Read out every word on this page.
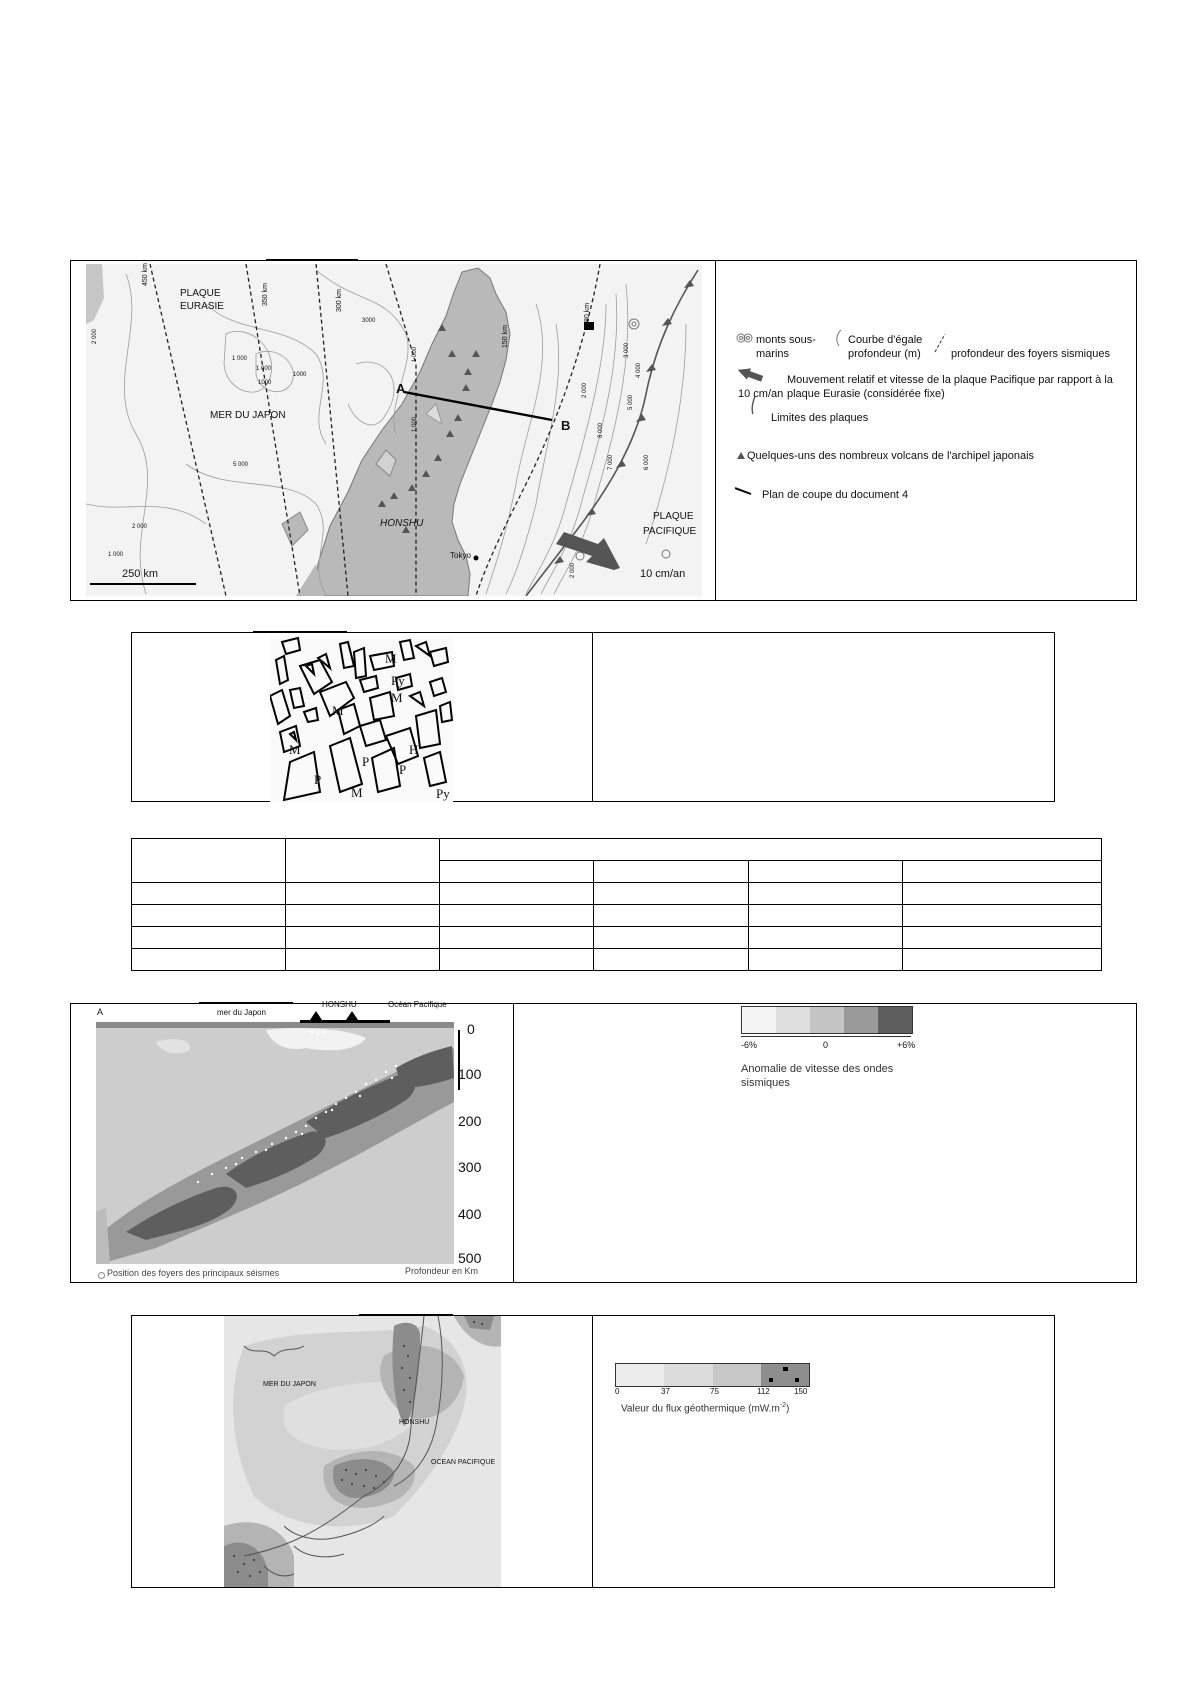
PLAQUE
EURASIE
MER DU JAPON
HONSHU
Tokyo
PLAQUE
PACIFIQUE
A
B
250 km	10 cm/an
450 km
350 km	300 km
150 km
80 km
2 000
1 000
1000
1000
1 000
3000
5 000
2 000
1 000
1 000
1 000
2 000
3 000
4 000
5 000
6 000
7 000
8 000
2 000
monts sous-
marins
Courbe d'égale
profondeur (m)	profondeur des foyers sismiques
Mouvement relatif et vitesse de la plaque Pacifique par rapport à la
plaque Eurasie (considérée fixe)
10 cm/an
Limites des plaques
Quelques-uns des nombreux volcans de l'archipel japonais
Plan de coupe du document 4
M
Py
M
M
H
M
P
P
P
M	Py

A	mer du Japon
HONSHU	Océan Pacifique
0
100
200
300
400
500
Position des foyers des principaux séismes	Profondeur en Km
-6%	0	+6%
Anomalie de vitesse des ondes
sismiques
MER DU JAPON
HONSHU
OCEAN PACIFIQUE
0	37	75	112	150
Valeur du flux géothermique $(mW.m^{-2})$
